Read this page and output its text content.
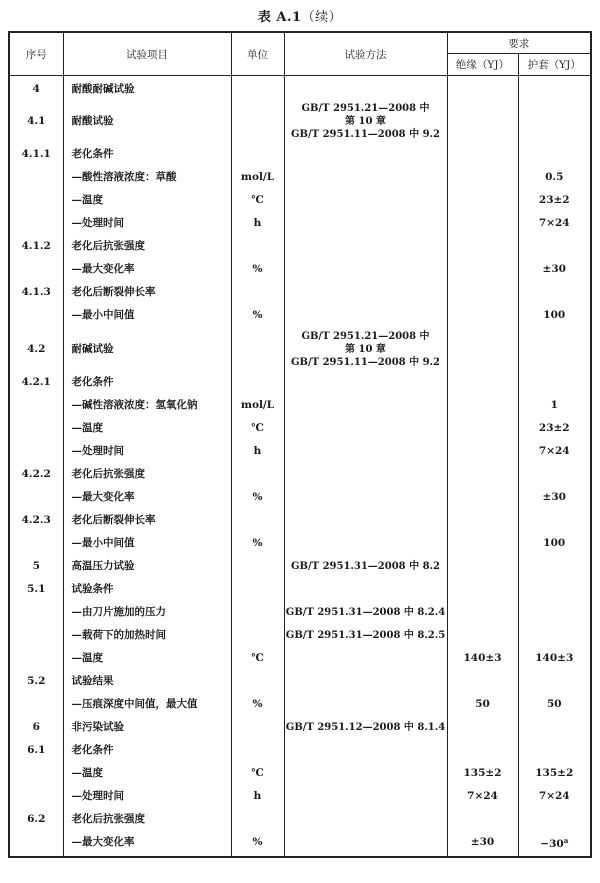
表 A.1（续）
序号	试验项目	单位	试验方法	要求	
				绝缘（YJ）	护套（YJ）
4	耐酸耐碱试验				
4.1	耐酸试验		GB/T 2951.21—2008 中
第 10 章
GB/T 2951.11—2008 中 9.2		

4.1.1	老化条件				
	—酸性溶液浓度：草酸	mol/L			0.5
	—温度	℃			23±2
	—处理时间	h			7×24
4.1.2	老化后抗张强度				
	—最大变化率	%			±30
4.1.3	老化后断裂伸长率				
	—最小中间值	%			100
4.2	耐碱试验		GB/T 2951.21—2008 中
第 10 章
GB/T 2951.11—2008 中 9.2		

4.2.1	老化条件				
	—碱性溶液浓度：氢氧化钠	mol/L			1
	—温度	℃			23±2
	—处理时间	h			7×24
4.2.2	老化后抗张强度				
	—最大变化率	%			±30
4.2.3	老化后断裂伸长率				
	—最小中间值	%			100
5	高温压力试验		GB/T 2951.31—2008 中 8.2		
5.1	试验条件				
	—由刀片施加的压力		GB/T 2951.31—2008 中 8.2.4		
	—载荷下的加热时间		GB/T 2951.31—2008 中 8.2.5		
	—温度	℃		140±3	140±3
5.2	试验结果				
	—压痕深度中间值，最大值	%		50	50
6	非污染试验		GB/T 2951.12—2008 中 8.1.4		
6.1	老化条件				
	—温度	℃		135±2	135±2
	—处理时间	h		7×24	7×24
6.2	老化后抗张强度				
	—最大变化率	%		±30	−30$^a$
